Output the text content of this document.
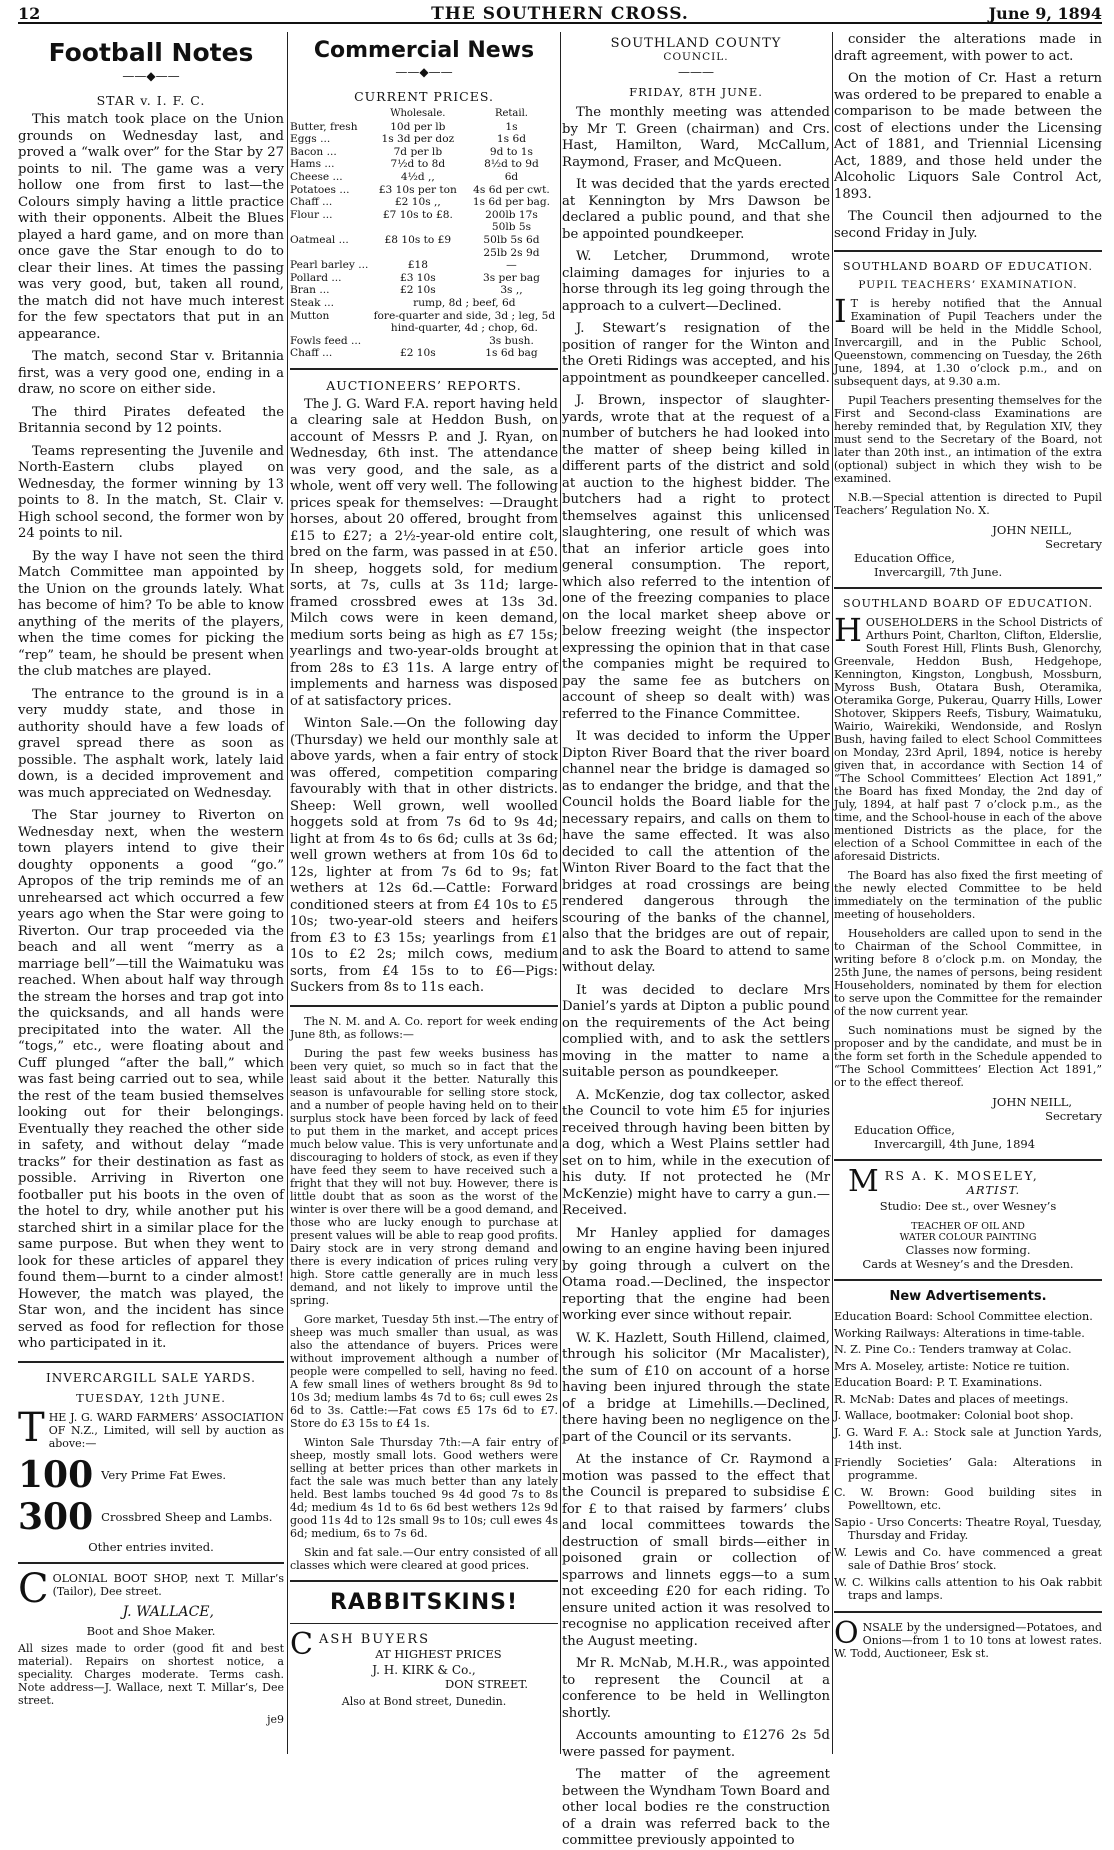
12	THE SOUTHERN CROSS.	June 9, 1894
Football Notes
——◆——
STAR v. I. F. C.
This match took place on the Union grounds on Wednesday last, and proved a “walk over” for the Star by 27 points to nil. The game was a very hollow one from first to last—the Colours simply having a little practice with their opponents. Albeit the Blues played a hard game, and on more than once gave the Star enough to do to clear their lines. At times the passing was very good, but, taken all round, the match did not have much interest for the few spectators that put in an appearance.
The match, second Star v. Britannia first, was a very good one, ending in a draw, no score on either side.
The third Pirates defeated the Britannia second by 12 points.
Teams representing the Juvenile and North-Eastern clubs played on Wednesday, the former winning by 13 points to 8. In the match, St. Clair v. High school second, the former won by 24 points to nil.
By the way I have not seen the third Match Committee man appointed by the Union on the grounds lately. What has become of him? To be able to know anything of the merits of the players, when the time comes for picking the “rep” team, he should be present when the club matches are played.
The entrance to the ground is in a very muddy state, and those in authority should have a few loads of gravel spread there as soon as possible. The asphalt work, lately laid down, is a decided improvement and was much appreciated on Wednesday.
The Star journey to Riverton on Wednesday next, when the western town players intend to give their doughty opponents a good “go.” Apropos of the trip reminds me of an unrehearsed act which occurred a few years ago when the Star were going to Riverton. Our trap proceeded via the beach and all went “merry as a marriage bell”—till the Waimatuku was reached. When about half way through the stream the horses and trap got into the quicksands, and all hands were precipitated into the water. All the “togs,” etc., were floating about and Cuff plunged “after the ball,” which was fast being carried out to sea, while the rest of the team busied themselves looking out for their belongings. Eventually they reached the other side in safety, and without delay “made tracks” for their destination as fast as possible. Arriving in Riverton one footballer put his boots in the oven of the hotel to dry, while another put his starched shirt in a similar place for the same purpose. But when they went to look for these articles of apparel they found them—burnt to a cinder almost! However, the match was played, the Star won, and the incident has since served as food for reflection for those who participated in it.
INVERCARGILL SALE YARDS.
TUESDAY, 12th JUNE.
THE J. G. WARD FARMERS’ ASSOCIATION OF N.Z., Limited, will sell by auction as above:—
100 Very Prime Fat Ewes.
300 Crossbred Sheep and Lambs.
Other entries invited.
COLONIAL BOOT SHOP, next T. Millar’s (Tailor), Dee street.
J. WALLACE,
Boot and Shoe Maker.
All sizes made to order (good fit and best material). Repairs on shortest notice, a speciality. Charges moderate. Terms cash. Note address—J. Wallace, next T. Millar’s, Dee street.
je9
Commercial News
——◆——
CURRENT PRICES.
	Wholesale.	Retail.
Butter, fresh	10d per lb	1s
Eggs ...	1s 3d per doz	1s 6d
Bacon ...	7d per lb	9d to 1s
Hams ...	7½d to 8d	8½d to 9d
Cheese ...	4½d ,,	6d
Potatoes ...	£3 10s per ton	4s 6d per cwt.
Chaff ...	£2 10s ,,	1s 6d per bag.
Flour ...	£7 10s to £8.	200lb 17s
		50lb 5s
Oatmeal ...	£8 10s to £9	50lb 5s 6d
		25lb 2s 9d
Pearl barley ...	£18	—
Pollard ...	£3 10s	3s per bag
Bran ...	£2 10s	3s ,,
Steak ...	rump, 8d ; beef, 6d	
Mutton	fore-quarter and side, 3d ; leg, 5d	
	hind-quarter, 4d ; chop, 6d.	
Fowls feed ...		3s bush.
Chaff ...	£2 10s	1s 6d bag
AUCTIONEERS’ REPORTS.
The J. G. Ward F.A. report having held a clearing sale at Heddon Bush, on account of Messrs P. and J. Ryan, on Wednesday, 6th inst. The attendance was very good, and the sale, as a whole, went off very well. The following prices speak for themselves: —Draught horses, about 20 offered, brought from £15 to £27; a 2½-year-old entire colt, bred on the farm, was passed in at £50. In sheep, hoggets sold, for medium sorts, at 7s, culls at 3s 11d; large-framed crossbred ewes at 13s 3d. Milch cows were in keen demand, medium sorts being as high as £7 15s; yearlings and two-year-olds brought at from 28s to £3 11s. A large entry of implements and harness was disposed of at satisfactory prices.
Winton Sale.—On the following day (Thursday) we held our monthly sale at above yards, when a fair entry of stock was offered, competition comparing favourably with that in other districts. Sheep: Well grown, well woolled hoggets sold at from 7s 6d to 9s 4d; light at from 4s to 6s 6d; culls at 3s 6d; well grown wethers at from 10s 6d to 12s, lighter at from 7s 6d to 9s; fat wethers at 12s 6d.—Cattle: Forward conditioned steers at from £4 10s to £5 10s; two-year-old steers and heifers from £3 to £3 15s; yearlings from £1 10s to £2 2s; milch cows, medium sorts, from £4 15s to to £6—Pigs: Suckers from 8s to 11s each.
The N. M. and A. Co. report for week ending June 8th, as follows:—
During the past few weeks business has been very quiet, so much so in fact that the least said about it the better. Naturally this season is unfavourable for selling store stock, and a number of people having held on to their surplus stock have been forced by lack of feed to put them in the market, and accept prices much below value. This is very unfortunate and discouraging to holders of stock, as even if they have feed they seem to have received such a fright that they will not buy. However, there is little doubt that as soon as the worst of the winter is over there will be a good demand, and those who are lucky enough to purchase at present values will be able to reap good profits. Dairy stock are in very strong demand and there is every indication of prices ruling very high. Store cattle generally are in much less demand, and not likely to improve until the spring.
Gore market, Tuesday 5th inst.—The entry of sheep was much smaller than usual, as was also the attendance of buyers. Prices were without improvement although a number of people were compelled to sell, having no feed. A few small lines of wethers brought 8s 9d to 10s 3d; medium lambs 4s 7d to 6s; cull ewes 2s 6d to 3s. Cattle:—Fat cows £5 17s 6d to £7. Store do £3 15s to £4 1s.
Winton Sale Thursday 7th:—A fair entry of sheep, mostly small lots. Good wethers were selling at better prices than other markets in fact the sale was much better than any lately held. Best lambs touched 9s 4d good 7s to 8s 4d; medium 4s 1d to 6s 6d best wethers 12s 9d good 11s 4d to 12s small 9s to 10s; cull ewes 4s 6d; medium, 6s to 7s 6d.
Skin and fat sale.—Our entry consisted of all classes which were cleared at good prices.
RABBITSKINS!
CASH BUYERS
AT HIGHEST PRICES
J. H. KIRK & Co.,
DON STREET.
Also at Bond street, Dunedin.
SOUTHLAND COUNTY
COUNCIL.
———
FRIDAY, 8TH JUNE.
The monthly meeting was attended by Mr T. Green (chairman) and Crs. Hast, Hamilton, Ward, McCallum, Raymond, Fraser, and McQueen.
It was decided that the yards erected at Kennington by Mrs Dawson be declared a public pound, and that she be appointed poundkeeper.
W. Letcher, Drummond, wrote claiming damages for injuries to a horse through its leg going through the approach to a culvert—Declined.
J. Stewart’s resignation of the position of ranger for the Winton and the Oreti Ridings was accepted, and his appointment as poundkeeper cancelled.
J. Brown, inspector of slaughter-yards, wrote that at the request of a number of butchers he had looked into the matter of sheep being killed in different parts of the district and sold at auction to the highest bidder. The butchers had a right to protect themselves against this unlicensed slaughtering, one result of which was that an inferior article goes into general consumption. The report, which also referred to the intention of one of the freezing companies to place on the local market sheep above or below freezing weight (the inspector expressing the opinion that in that case the companies might be required to pay the same fee as butchers on account of sheep so dealt with) was referred to the Finance Committee.
It was decided to inform the Upper Dipton River Board that the river board channel near the bridge is damaged so as to endanger the bridge, and that the Council holds the Board liable for the necessary repairs, and calls on them to have the same effected. It was also decided to call the attention of the Winton River Board to the fact that the bridges at road crossings are being rendered dangerous through the scouring of the banks of the channel, also that the bridges are out of repair, and to ask the Board to attend to same without delay.
It was decided to declare Mrs Daniel’s yards at Dipton a public pound on the requirements of the Act being complied with, and to ask the settlers moving in the matter to name a suitable person as poundkeeper.
A. McKenzie, dog tax collector, asked the Council to vote him £5 for injuries received through having been bitten by a dog, which a West Plains settler had set on to him, while in the execution of his duty. If not protected he (Mr McKenzie) might have to carry a gun.—Received.
Mr Hanley applied for damages owing to an engine having been injured by going through a culvert on the Otama road.—Declined, the inspector reporting that the engine had been working ever since without repair.
W. K. Hazlett, South Hillend, claimed, through his solicitor (Mr Macalister), the sum of £10 on account of a horse having been injured through the state of a bridge at Limehills.—Declined, there having been no negligence on the part of the Council or its servants.
At the instance of Cr. Raymond a motion was passed to the effect that the Council is prepared to subsidise £ for £ to that raised by farmers’ clubs and local committees towards the destruction of small birds—either in poisoned grain or collection of sparrows and linnets eggs—to a sum not exceeding £20 for each riding. To ensure united action it was resolved to recognise no application received after the August meeting.
Mr R. McNab, M.H.R., was appointed to represent the Council at a conference to be held in Wellington shortly.
Accounts amounting to £1276 2s 5d were passed for payment.
The matter of the agreement between the Wyndham Town Board and other local bodies re the construction of a drain was referred back to the committee previously appointed to
consider the alterations made in draft agreement, with power to act.
On the motion of Cr. Hast a return was ordered to be prepared to enable a comparison to be made between the cost of elections under the Licensing Act of 1881, and Triennial Licensing Act, 1889, and those held under the Alcoholic Liquors Sale Control Act, 1893.
The Council then adjourned to the second Friday in July.
SOUTHLAND BOARD OF EDUCATION.
PUPIL TEACHERS’ EXAMINATION.
I T is hereby notified that the Annual Examination of Pupil Teachers under the Board will be held in the Middle School, Invercargill, and in the Public School, Queenstown, commencing on Tuesday, the 26th June, 1894, at 1.30 o’clock p.m., and on subsequent days, at 9.30 a.m.
Pupil Teachers presenting themselves for the First and Second-class Examinations are hereby reminded that, by Regulation XIV, they must send to the Secretary of the Board, not later than 20th inst., an intimation of the extra (optional) subject in which they wish to be examined.
N.B.—Special attention is directed to Pupil Teachers’ Regulation No. X.
JOHN NEILL,
Secretary
Education Office,
Invercargill, 7th June.
SOUTHLAND BOARD OF EDUCATION.
HOUSEHOLDERS in the School Districts of Arthurs Point, Charlton, Clifton, Elderslie, South Forest Hill, Flints Bush, Glenorchy, Greenvale, Heddon Bush, Hedgehope, Kennington, Kingston, Longbush, Mossburn, Myross Bush, Otatara Bush, Oteramika, Oteramika Gorge, Pukerau, Quarry Hills, Lower Shotover, Skippers Reefs, Tisbury, Waimatuku, Wairio, Wairekiki, Wendonside, and Roslyn Bush, having failed to elect School Committees on Monday, 23rd April, 1894, notice is hereby given that, in accordance with Section 14 of “The School Committees’ Election Act 1891,” the Board has fixed Monday, the 2nd day of July, 1894, at half past 7 o’clock p.m., as the time, and the School-house in each of the above mentioned Districts as the place, for the election of a School Committee in each of the aforesaid Districts.
The Board has also fixed the first meeting of the newly elected Committee to be held immediately on the termination of the public meeting of householders.
Householders are called upon to send in the to Chairman of the School Committee, in writing before 8 o’clock p.m. on Monday, the 25th June, the names of persons, being resident Householders, nominated by them for election to serve upon the Committee for the remainder of the now current year.
Such nominations must be signed by the proposer and by the candidate, and must be in the form set forth in the Schedule appended to “The School Committees’ Election Act 1891,” or to the effect thereof.
JOHN NEILL,
Secretary
Education Office,
Invercargill, 4th June, 1894
MRS A. K. MOSELEY,
ARTIST.
Studio: Dee st., over Wesney’s
TEACHER OF OIL AND
WATER COLOUR PAINTING
Classes now forming.
Cards at Wesney’s and the Dresden.
New Advertisements.
Education Board: School Committee election.
Working Railways: Alterations in time-table.
N. Z. Pine Co.: Tenders tramway at Colac.
Mrs A. Moseley, artiste: Notice re tuition.
Education Board: P. T. Examinations.
R. McNab: Dates and places of meetings.
J. Wallace, bootmaker: Colonial boot shop.
J. G. Ward F. A.: Stock sale at Junction Yards, 14th inst.
Friendly Societies’ Gala: Alterations in programme.
C. W. Brown: Good building sites in Powelltown, etc.
Sapio - Urso Concerts: Theatre Royal, Tuesday, Thursday and Friday.
W. Lewis and Co. have commenced a great sale of Dathie Bros’ stock.
W. C. Wilkins calls attention to his Oak rabbit traps and lamps.
ONSALE by the undersigned—Potatoes, and Onions—from 1 to 10 tons at lowest rates. W. Todd, Auctioneer, Esk st.
